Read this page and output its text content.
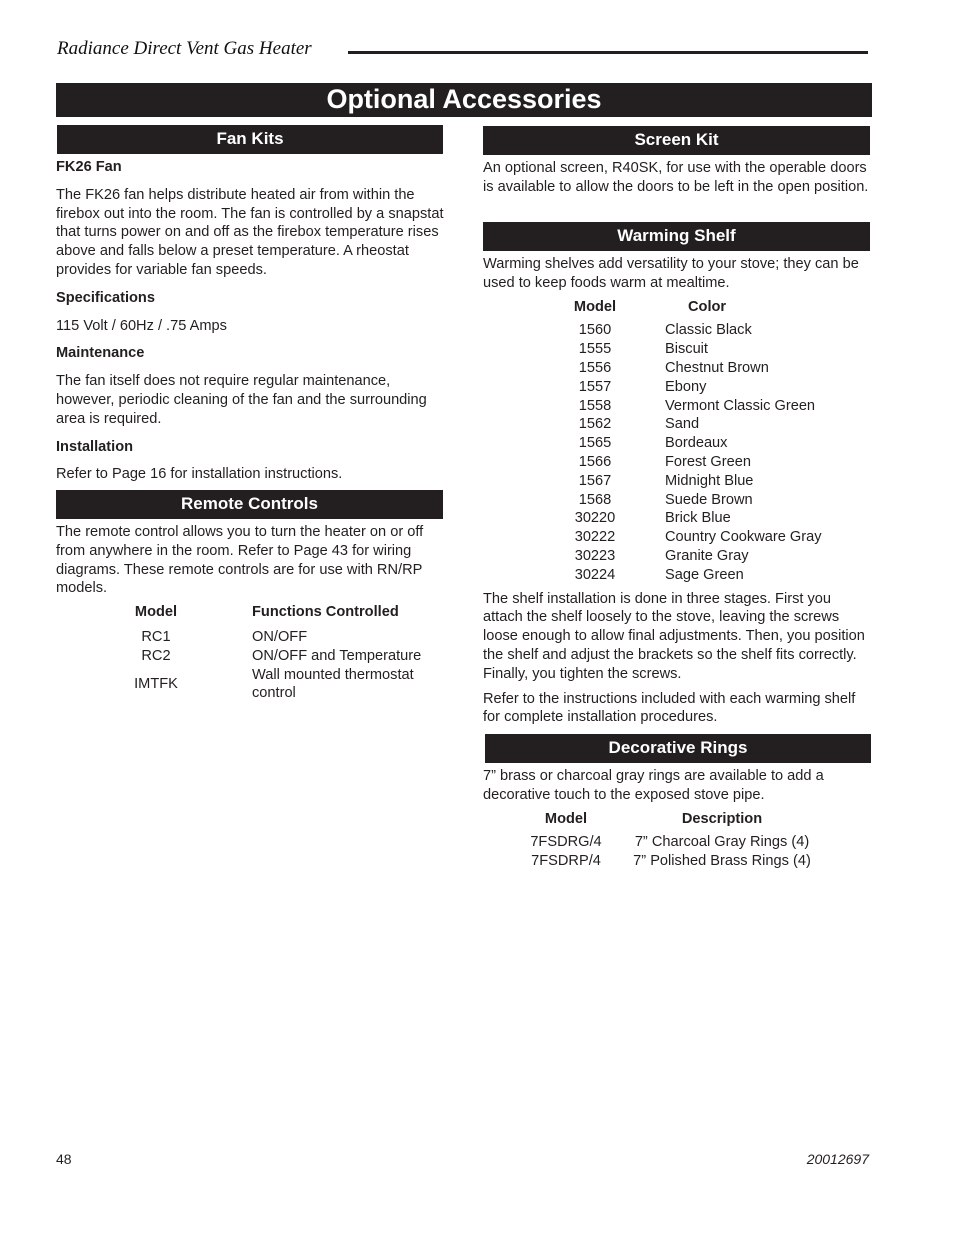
Radiance Direct Vent Gas Heater
Optional Accessories
Fan Kits

FK26 Fan

The FK26 fan helps distribute heated air from within the firebox out into the room. The fan is controlled by a snapstat that turns power on and off as the firebox temperature rises above and falls below a preset temperature. A rheostat provides for variable fan speeds.

Specifications

115 Volt / 60Hz / .75 Amps

Maintenance

The fan itself does not require regular maintenance, however, periodic cleaning of the fan and the surrounding area is required.

Installation

Refer to Page 16 for installation instructions.

Remote Controls

The remote control allows you to turn the heater on or off from anywhere in the room. Refer to Page 43 for wiring diagrams. These remote controls are for use with RN/RP models.

Model	Functions Controlled
RC1	ON/OFF
RC2	ON/OFF and Temperature
IMTFK	Wall mounted thermostat control
Screen Kit

An optional screen, R40SK, for use with the operable doors is available to allow the doors to be left in the open position.

Warming Shelf

Warming shelves add versatility to your stove; they can be used to keep foods warm at mealtime.

Model	Color
1560	Classic Black
1555	Biscuit
1556	Chestnut Brown
1557	Ebony
1558	Vermont Classic Green
1562	Sand
1565	Bordeaux
1566	Forest Green
1567	Midnight Blue
1568	Suede Brown
30220	Brick Blue
30222	Country Cookware Gray
30223	Granite Gray
30224	Sage Green

The shelf installation is done in three stages. First you attach the shelf loosely to the stove, leaving the screws loose enough to allow final adjustments. Then, you position the shelf and adjust the brackets so the shelf fits correctly. Finally, you tighten the screws.

Refer to the instructions included with each warming shelf for complete installation procedures.

Decorative Rings

7” brass or charcoal gray rings are available to add a decorative touch to the exposed stove pipe.

Model	Description
7FSDRG/4	7” Charcoal Gray Rings (4)
7FSDRP/4	7” Polished Brass Rings (4)
48	20012697
